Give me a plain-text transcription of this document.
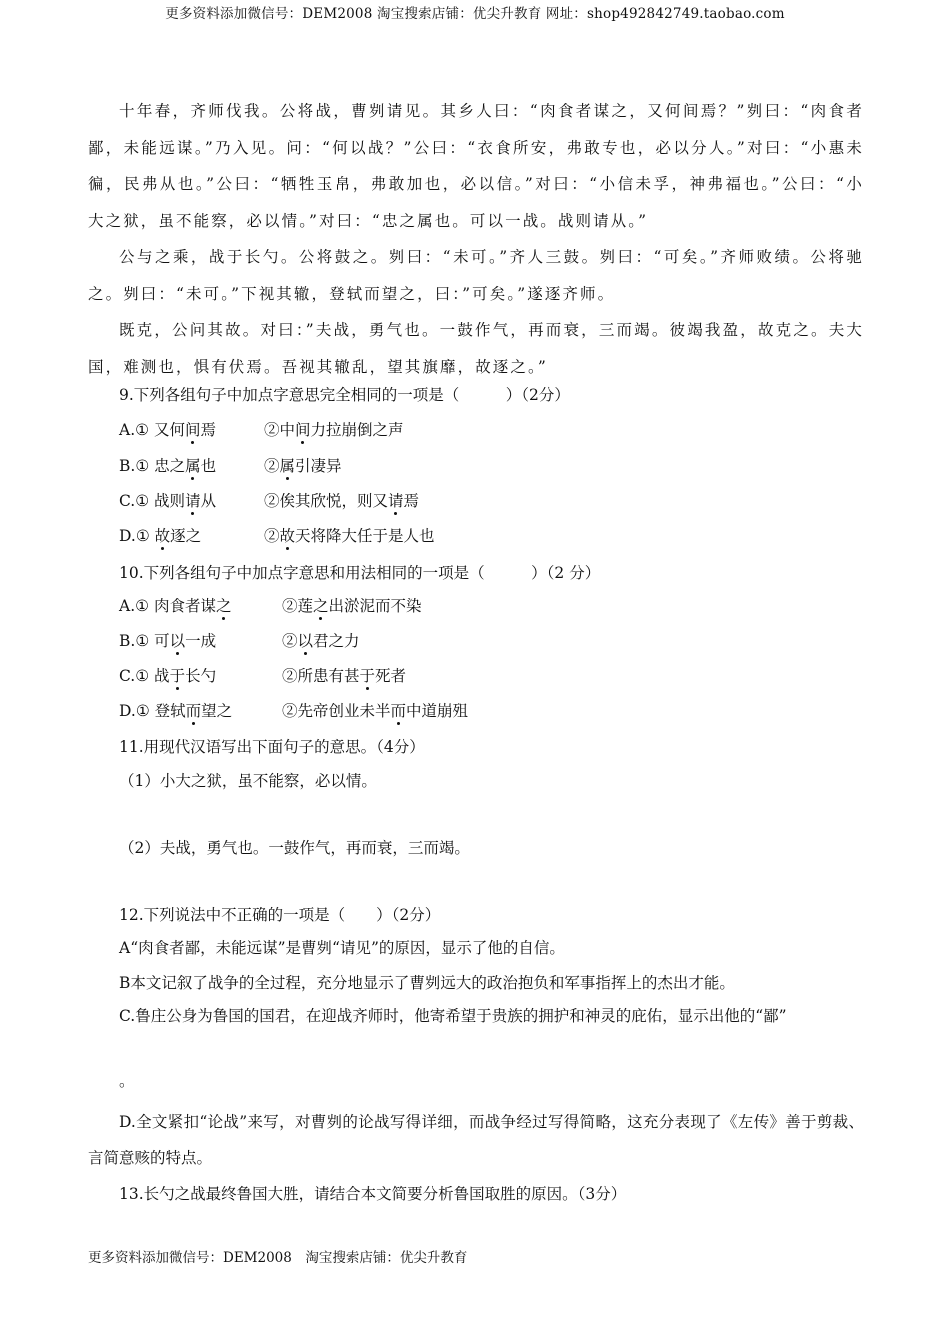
更多资料添加微信号：DEM2008 淘宝搜索店铺：优尖升教育 网址：shop492842749.taobao.com

十年春，齐师伐我。公将战，曹刿请见。其乡人曰：“肉食者谋之，又何间焉？”刿曰：“肉食者鄙，未能远谋。”乃入见。问：“何以战？”公曰：“衣食所安，弗敢专也，必以分人。”对曰：“小惠未徧，民弗从也。”公曰：“牺牲玉帛，弗敢加也，必以信。”对曰：“小信未孚，神弗福也。”公曰：“小大之狱，虽不能察，必以情。”对曰：“忠之属也。可以一战。战则请从。”

公与之乘，战于长勺。公将鼓之。刿曰：“未可。”齐人三鼓。刿曰：“可矣。”齐师败绩。公将驰之。刿曰：“未可。”下视其辙，登轼而望之，曰：”可矣。”遂逐齐师。

既克，公问其故。对曰：”夫战，勇气也。一鼓作气，再而衰，三而竭。彼竭我盈，故克之。夫大国，难测也，惧有伏焉。吾视其辙乱，望其旗靡，故逐之。”

9.下列各组句子中加点字意思完全相同的一项是（　　　）（2分）
A.① 又何间焉	②中间力拉崩倒之声
B.① 忠之属也	②属引凄异
C.① 战则请从	②俟其欣悦，则又请焉
D.① 故逐之	②故天将降大任于是人也
10.下列各组句子中加点字意思和用法相同的一项是（　　　）（2 分）
A.① 肉食者谋之	②莲之出淤泥而不染
B.① 可以一成	②以君之力
C.① 战于长勺	②所患有甚于死者
D.① 登轼而望之	②先帝创业未半而中道崩殂
11.用现代汉语写出下面句子的意思。（4分）
（1）小大之狱，虽不能察，必以情。
（2）夫战，勇气也。一鼓作气，再而衰，三而竭。
12.下列说法中不正确的一项是（　　）（2分）
A“肉食者鄙，未能远谋”是曹刿“请见”的原因，显示了他的自信。
B本文记叙了战争的全过程，充分地显示了曹刿远大的政治抱负和军事指挥上的杰出才能。
C.鲁庄公身为鲁国的国君，在迎战齐师时，他寄希望于贵族的拥护和神灵的庇佑，显示出他的“鄙”
。
D.全文紧扣“论战”来写，对曹刿的论战写得详细，而战争经过写得简略，这充分表现了《左传》善于剪裁、言简意赅的特点。
13.长勺之战最终鲁国大胜，请结合本文简要分析鲁国取胜的原因。（3分）
更多资料添加微信号：DEM2008　淘宝搜索店铺：优尖升教育
